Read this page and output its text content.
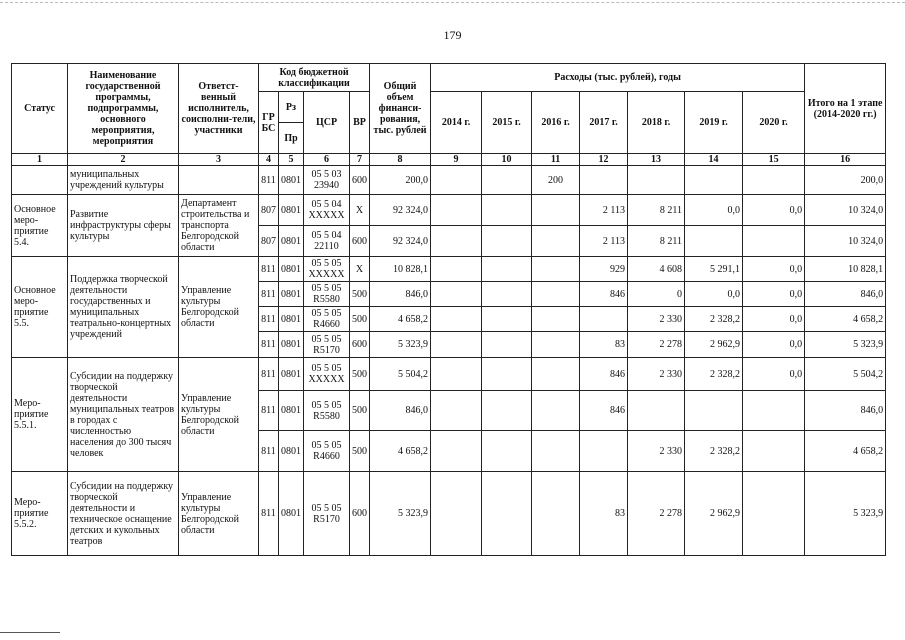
179
Статус	Наименование государственной программы, подпрограммы, основного мероприятия, мероприятия	Ответст-венный исполнитель, соисполни-тели, участники	Код бюджетной классификации				Общий объем финанси-рования, тыс. рублей	Расходы (тыс. рублей), годы							Итого на 1 этапе (2014-2020 гг.)
			ГР БС	Рз	ЦСР	ВР		2014 г.	2015 г.	2016 г.	2017 г.	2018 г.	2019 г.	2020 г.	
				Пр											
1	2	3	4	5	6	7	8	9	10	11	12	13	14	15	16
	муниципальных учреждений культуры		811	0801	05 5 03 23940	600	200,0			200					200,0
Основное меро-приятие 5.4.	Развитие инфраструктуры сферы культуры	Департамент строительства и транспорта Белгородской области	807	0801	05 5 04 ХХХХХ	Х	92 324,0				2 113	8 211	0,0	0,0	10 324,0
			807	0801	05 5 04 22110	600	92 324,0				2 113	8 211			10 324,0
Основное меро-приятие 5.5.	Поддержка творческой деятельности государственных и муниципальных театрально-концертных учреждений	Управление культуры Белгородской области	811	0801	05 5 05 ХХХХХ	Х	10 828,1				929	4 608	5 291,1	0,0	10 828,1
			811	0801	05 5 05 R5580	500	846,0				846	0	0,0	0,0	846,0
			811	0801	05 5 05 R4660	500	4 658,2					2 330	2 328,2	0,0	4 658,2
			811	0801	05 5 05 R5170	600	5 323,9				83	2 278	2 962,9	0,0	5 323,9
Меро-приятие 5.5.1.	Субсидии на поддержку творческой деятельности муниципальных театров в городах с численностью населения до 300 тысяч человек	Управление культуры Белгородской области	811	0801	05 5 05 ХХХХХ	500	5 504,2				846	2 330	2 328,2	0,0	5 504,2
			811	0801	05 5 05 R5580	500	846,0				846				846,0
			811	0801	05 5 05 R4660	500	4 658,2					2 330	2 328,2		4 658,2
Меро-приятие 5.5.2.	Субсидии на поддержку творческой деятельности и техническое оснащение детских и кукольных театров	Управление культуры Белгородской области	811	0801	05 5 05 R5170	600	5 323,9				83	2 278	2 962,9		5 323,9
